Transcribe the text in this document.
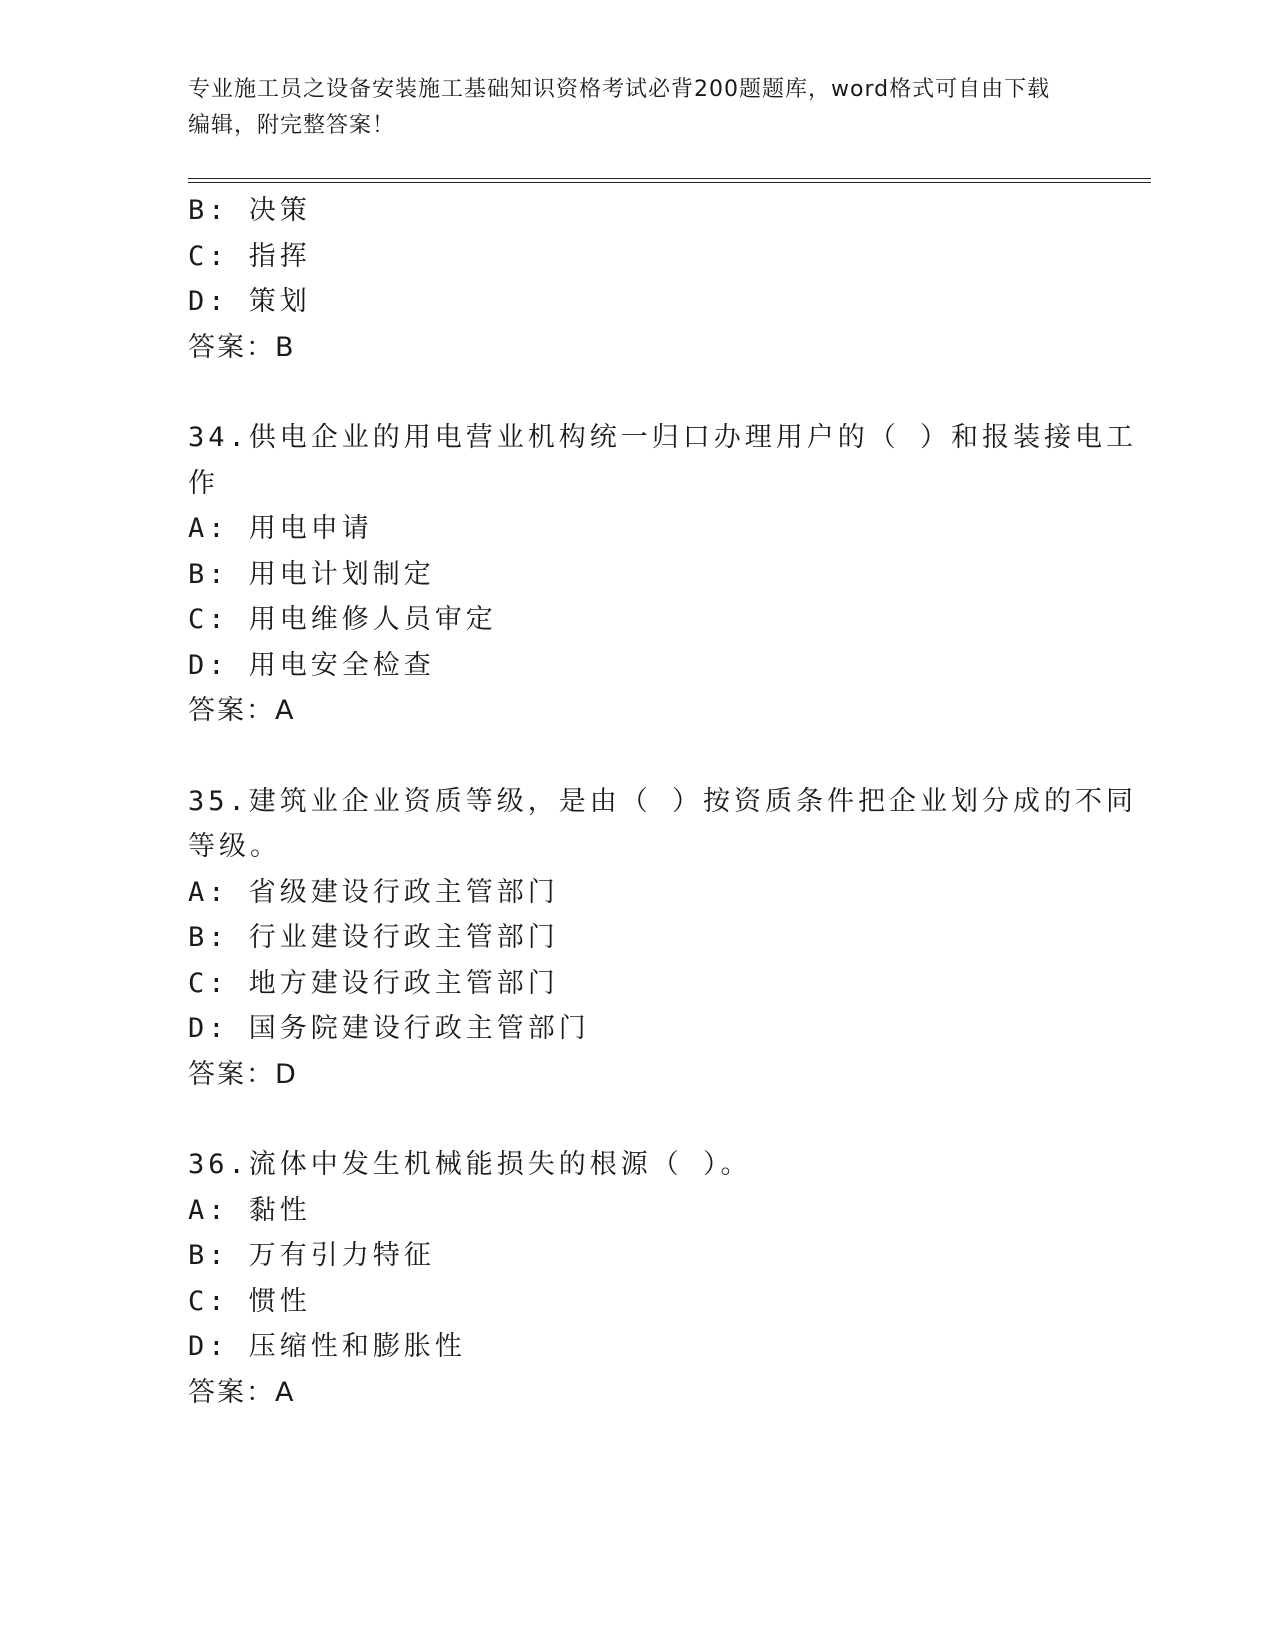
专业施工员之设备安装施工基础知识资格考试必背200题题库，word格式可自由下载编辑，附完整答案！
B: 决策
C: 指挥
D: 策划
答案：B
34.供电企业的用电营业机构统一归口办理用户的（ ）和报装接电工
作
A: 用电申请
B: 用电计划制定
C: 用电维修人员审定
D: 用电安全检查
答案：A
35.建筑业企业资质等级，是由（ ）按资质条件把企业划分成的不同
等级。
A: 省级建设行政主管部门
B: 行业建设行政主管部门
C: 地方建设行政主管部门
D: 国务院建设行政主管部门
答案：D
36.流体中发生机械能损失的根源（ ）。
A: 黏性
B: 万有引力特征
C: 惯性
D: 压缩性和膨胀性
答案：A
